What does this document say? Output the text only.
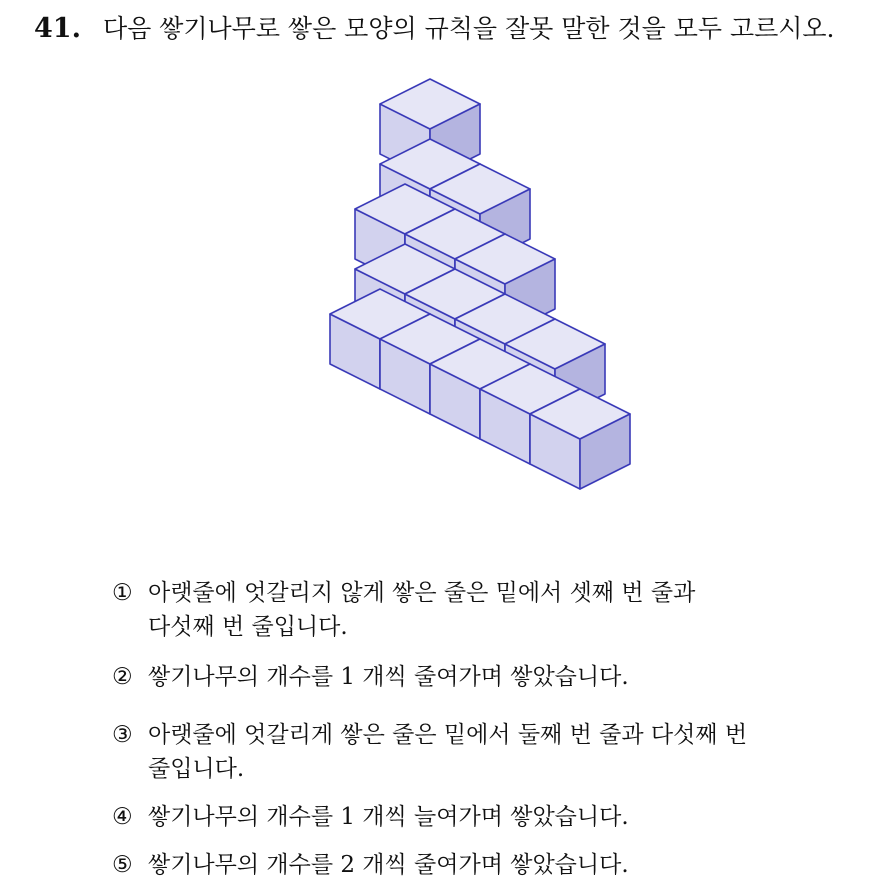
41. 다음 쌓기나무로 쌓은 모양의 규칙을 잘못 말한 것을 모두 고르시오.
① 아랫줄에 엇갈리지 않게 쌓은 줄은 밑에서 셋째 번 줄과
다섯째 번 줄입니다.
② 쌓기나무의 개수를 1 개씩 줄여가며 쌓았습니다.
③ 아랫줄에 엇갈리게 쌓은 줄은 밑에서 둘째 번 줄과 다섯째 번
줄입니다.
④ 쌓기나무의 개수를 1 개씩 늘여가며 쌓았습니다.
⑤ 쌓기나무의 개수를 2 개씩 줄여가며 쌓았습니다.
